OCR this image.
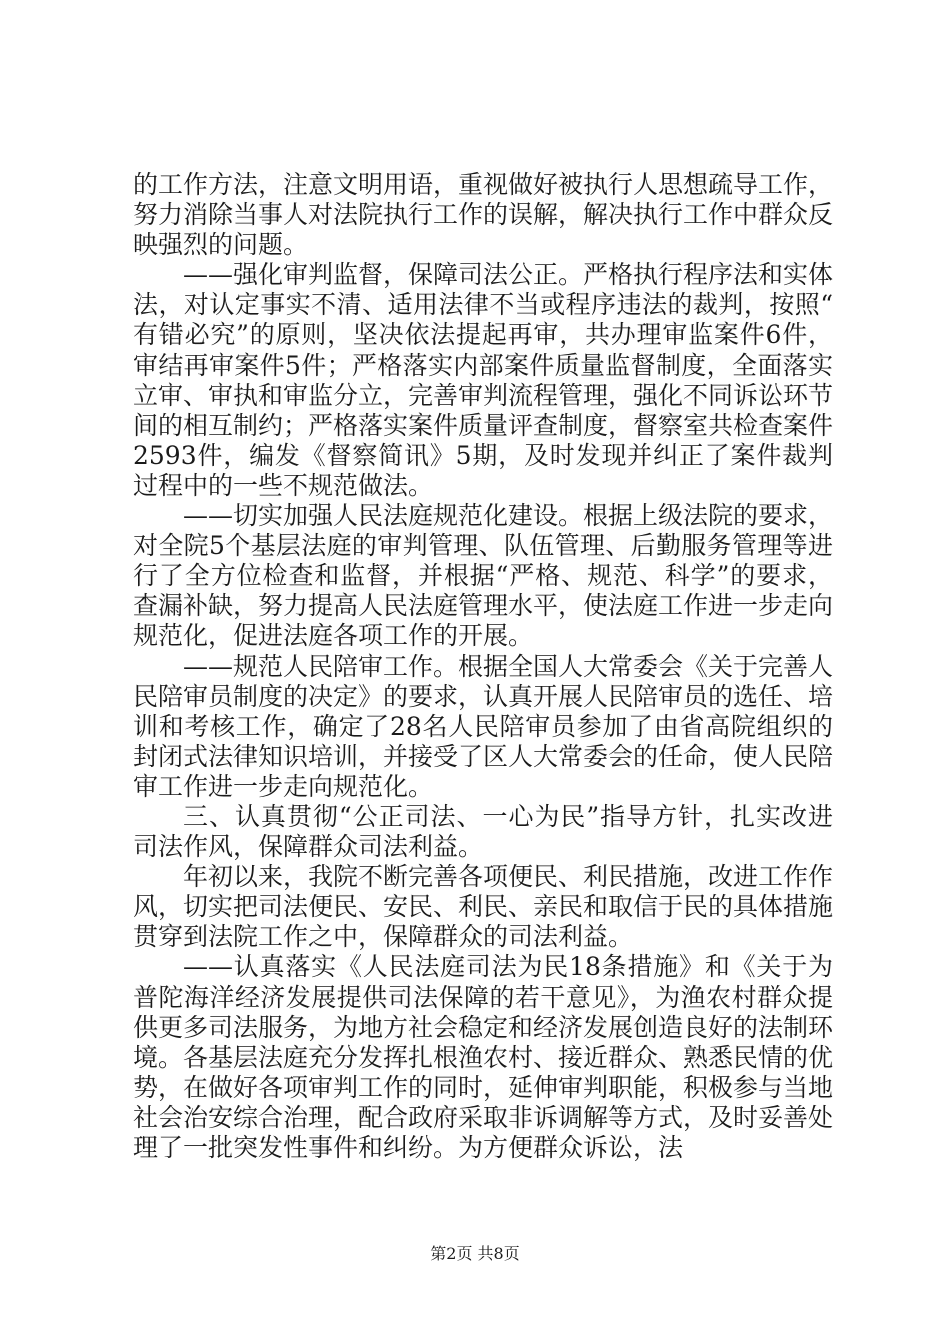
的工作方法，注意文明用语，重视做好被执行人思想疏导工作，努力消除当事人对法院执行工作的误解，解决执行工作中群众反映强烈的问题。

——强化审判监督，保障司法公正。严格执行程序法和实体法，对认定事实不清、适用法律不当或程序违法的裁判，按照“有错必究”的原则，坚决依法提起再审，共办理审监案件6件，审结再审案件5件；严格落实内部案件质量监督制度，全面落实立审、审执和审监分立，完善审判流程管理，强化不同诉讼环节间的相互制约；严格落实案件质量评查制度，督察室共检查案件2593件，编发《督察简讯》5期，及时发现并纠正了案件裁判过程中的一些不规范做法。

——切实加强人民法庭规范化建设。根据上级法院的要求，对全院5个基层法庭的审判管理、队伍管理、后勤服务管理等进行了全方位检查和监督，并根据“严格、规范、科学”的要求，查漏补缺，努力提高人民法庭管理水平，使法庭工作进一步走向规范化，促进法庭各项工作的开展。

——规范人民陪审工作。根据全国人大常委会《关于完善人民陪审员制度的决定》的要求，认真开展人民陪审员的选任、培训和考核工作，确定了28名人民陪审员参加了由省高院组织的封闭式法律知识培训，并接受了区人大常委会的任命，使人民陪审工作进一步走向规范化。

三、认真贯彻“公正司法、一心为民”指导方针，扎实改进司法作风，保障群众司法利益。

年初以来，我院不断完善各项便民、利民措施，改进工作作风，切实把司法便民、安民、利民、亲民和取信于民的具体措施贯穿到法院工作之中，保障群众的司法利益。

——认真落实《人民法庭司法为民18条措施》和《关于为普陀海洋经济发展提供司法保障的若干意见》，为渔农村群众提供更多司法服务，为地方社会稳定和经济发展创造良好的法制环境。各基层法庭充分发挥扎根渔农村、接近群众、熟悉民情的优势，在做好各项审判工作的同时，延伸审判职能，积极参与当地社会治安综合治理，配合政府采取非诉调解等方式，及时妥善处理了一批突发性事件和纠纷。为方便群众诉讼，法

第2页 共8页
